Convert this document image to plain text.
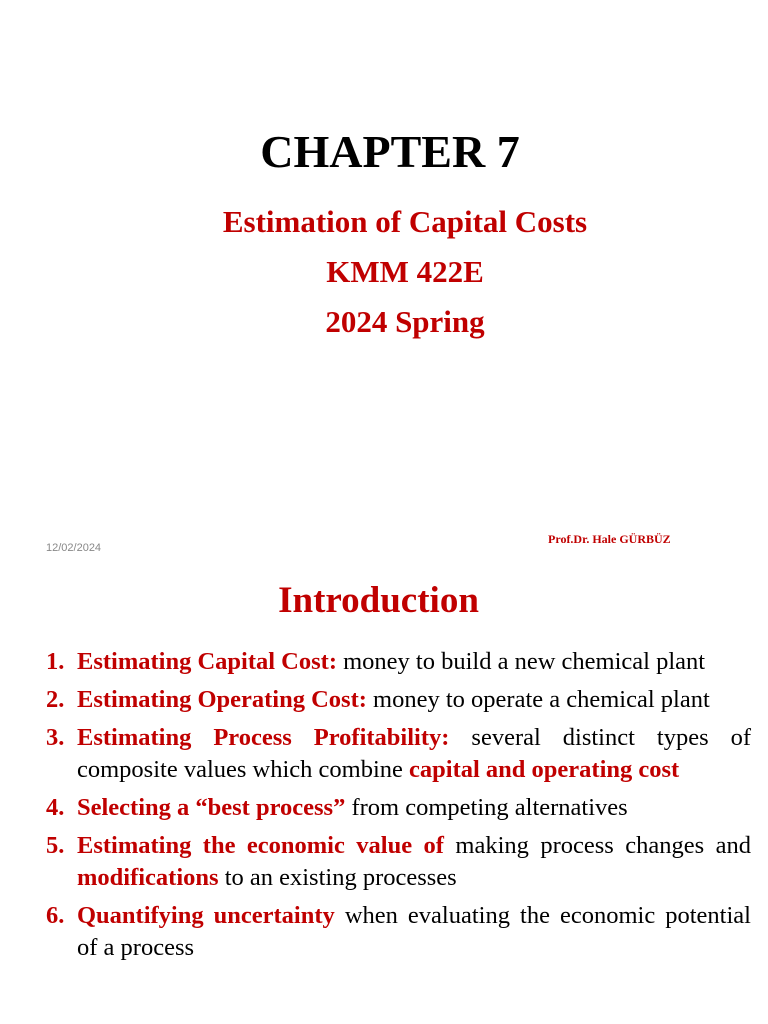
CHAPTER 7
Estimation of Capital Costs
KMM 422E
2024 Spring
12/02/2024
Prof.Dr. Hale GÜRBÜZ
Introduction
1. Estimating Capital Cost: money to build a new chemical plant
2. Estimating Operating Cost: money to operate a chemical plant
3. Estimating Process Profitability: several distinct types of composite values which combine capital and operating cost
4. Selecting a “best process” from competing alternatives
5. Estimating the economic value of making process changes and modifications to an existing processes
6. Quantifying uncertainty when evaluating the economic potential of a process
